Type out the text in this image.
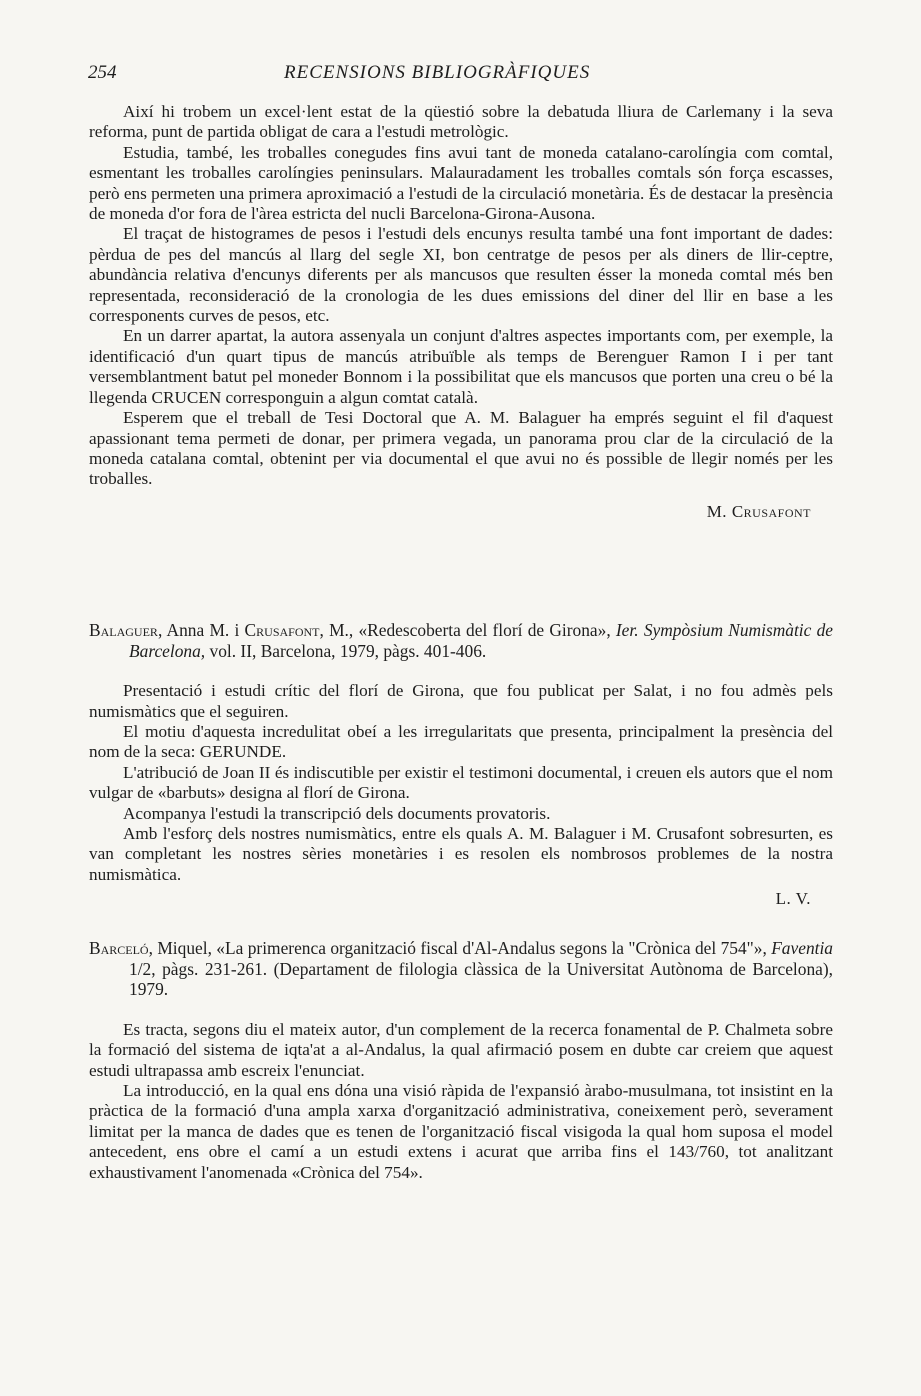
254	RECENSIONS BIBLIOGRÀFIQUES

Així hi trobem un excel·lent estat de la qüestió sobre la debatuda lliura de Carlemany i la seva reforma, punt de partida obligat de cara a l'estudi metrològic.

Estudia, també, les troballes conegudes fins avui tant de moneda catalano-carolíngia com comtal, esmentant les troballes carolíngies peninsulars. Malauradament les troballes comtals són força escasses, però ens permeten una primera aproximació a l'estudi de la circulació monetària. És de destacar la presència de moneda d'or fora de l'àrea estricta del nucli Barcelona-Girona-Ausona.

El traçat de histogrames de pesos i l'estudi dels encunys resulta també una font important de dades: pèrdua de pes del mancús al llarg del segle XI, bon centratge de pesos per als diners de llir-ceptre, abundància relativa d'encunys diferents per als mancusos que resulten ésser la moneda comtal més ben representada, reconsideració de la cronologia de les dues emissions del diner del llir en base a les corresponents curves de pesos, etc.

En un darrer apartat, la autora assenyala un conjunt d'altres aspectes importants com, per exemple, la identificació d'un quart tipus de mancús atribuïble als temps de Berenguer Ramon I i per tant versemblantment batut pel moneder Bonnom i la possibilitat que els mancusos que porten una creu o bé la llegenda CRUCEN corresponguin a algun comtat català.

Esperem que el treball de Tesi Doctoral que A. M. Balaguer ha emprés seguint el fil d'aquest apassionant tema permeti de donar, per primera vegada, un panorama prou clar de la circulació de la moneda catalana comtal, obtenint per via documental el que avui no és possible de llegir només per les troballes.

M. Crusafont

Balaguer, Anna M. i Crusafont, M., «Redescoberta del florí de Girona», Ier. Sympòsium Numismàtic de Barcelona, vol. II, Barcelona, 1979, pàgs. 401-406.

Presentació i estudi crític del florí de Girona, que fou publicat per Salat, i no fou admès pels numismàtics que el seguiren.

El motiu d'aquesta incredulitat obeí a les irregularitats que presenta, principalment la presència del nom de la seca: GERUNDE.

L'atribució de Joan II és indiscutible per existir el testimoni documental, i creuen els autors que el nom vulgar de «barbuts» designa al florí de Girona.

Acompanya l'estudi la transcripció dels documents provatoris.

Amb l'esforç dels nostres numismàtics, entre els quals A. M. Balaguer i M. Crusafont sobresurten, es van completant les nostres sèries monetàries i es resolen els nombrosos problemes de la nostra numismàtica.

L. V.

Barceló, Miquel, «La primerenca organització fiscal d'Al-Andalus segons la "Crònica del 754"», Faventia 1/2, pàgs. 231-261. (Departament de filologia clàssica de la Universitat Autònoma de Barcelona), 1979.

Es tracta, segons diu el mateix autor, d'un complement de la recerca fonamental de P. Chalmeta sobre la formació del sistema de iqta'at a al-Andalus, la qual afirmació posem en dubte car creiem que aquest estudi ultrapassa amb escreix l'enunciat.

La introducció, en la qual ens dóna una visió ràpida de l'expansió àrabo-musulmana, tot insistint en la pràctica de la formació d'una ampla xarxa d'organització administrativa, coneixement però, severament limitat per la manca de dades que es tenen de l'organització fiscal visigoda la qual hom suposa el model antecedent, ens obre el camí a un estudi extens i acurat que arriba fins el 143/760, tot analitzant exhaustivament l'anomenada «Crònica del 754».
